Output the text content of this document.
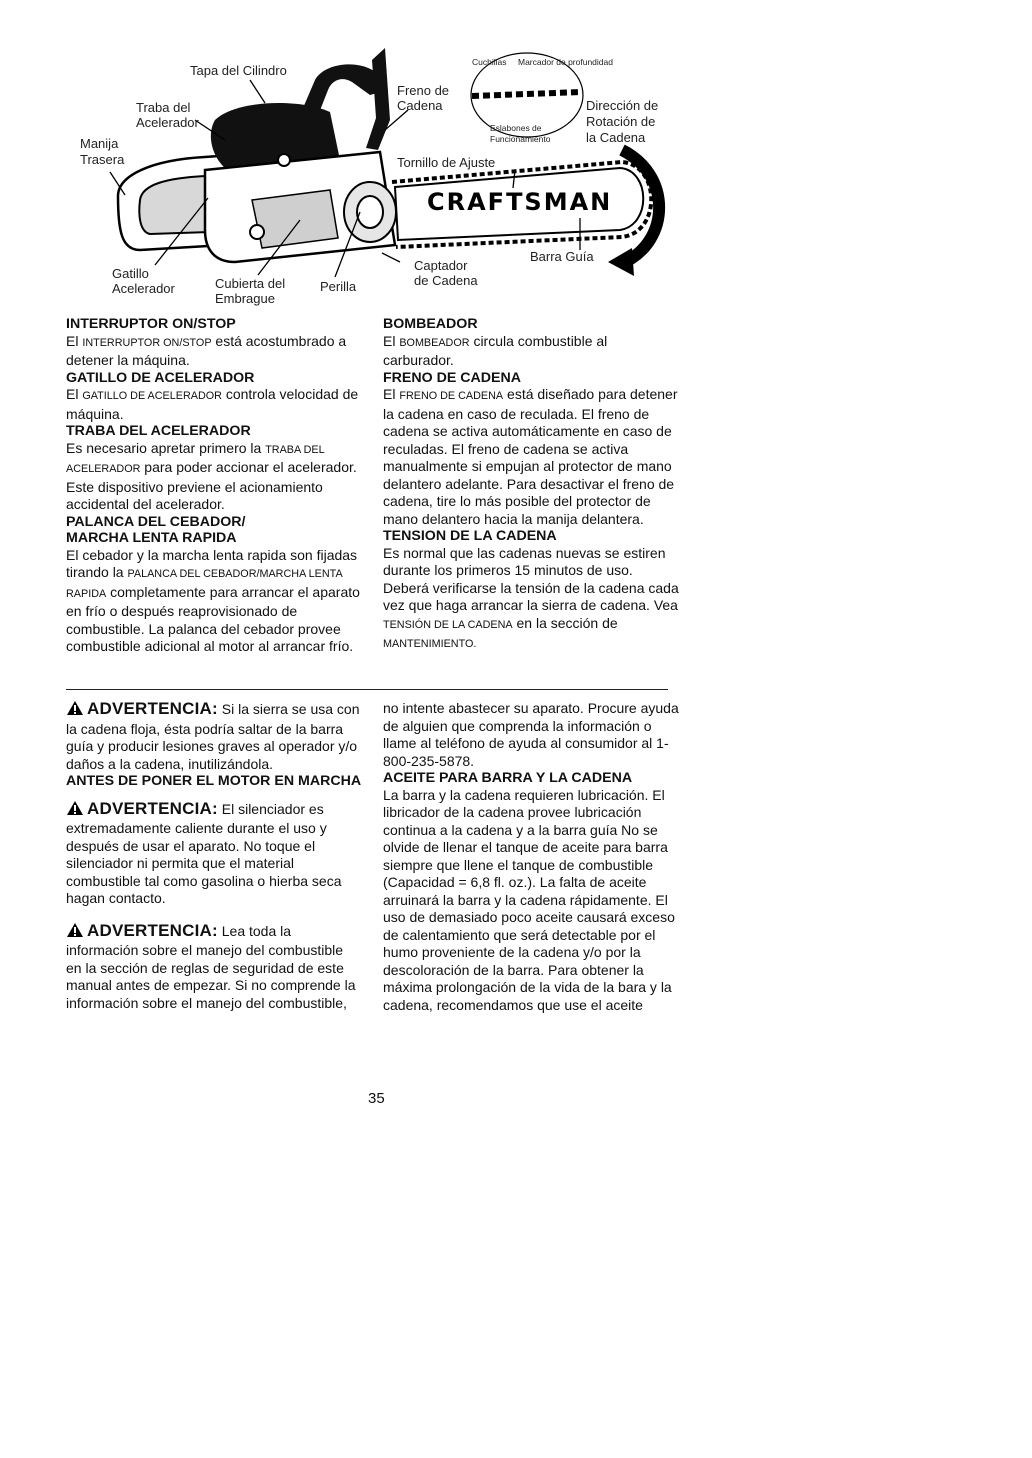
Tapa del Cilindro
Traba del
Acelerador
Manija
Trasera
Freno de
Cadena
Cuchillas Marcador de profundidad
Eslabones de
Funcionamiento
Dirección de
Rotación de
la Cadena
Tornillo de Ajuste
CRAFTSMAN
Gatillo
Acelerador	Cubierta del
Embrague
Perilla
Captador
de Cadena
Barra Guía

INTERRUPTOR ON/STOP

El INTERRUPTOR ON/STOP está acostumbrado a detener la máquina.

GATILLO DE ACELERADOR

El GATILLO DE ACELERADOR controla velocidad de máquina.

TRABA DEL ACELERADOR

Es necesario apretar primero la TRABA DEL ACELERADOR para poder accionar el acelerador. Este dispositivo previene el acionamiento accidental del acelerador.

PALANCA DEL CEBADOR/

MARCHA LENTA RAPIDA

El cebador y la marcha lenta rapida son fijadas tirando la PALANCA DEL CEBADOR/MARCHA LENTA RAPIDA completamente para arrancar el aparato en frío o después reaprovisionado de combustible. La palanca del cebador provee combustible adicional al motor al arrancar frío.

BOMBEADOR

El BOMBEADOR circula combustible al carburador.

FRENO DE CADENA

El FRENO DE CADENA está diseñado para detener la cadena en caso de reculada. El freno de cadena se activa automáticamente en caso de reculadas. El freno de cadena se activa manualmente si empujan al protector de mano delantero adelante. Para desactivar el freno de cadena, tire lo más posible del protector de mano delantero hacia la manija delantera.

TENSION DE LA CADENA

Es normal que las cadenas nuevas se estiren durante los primeros 15 minutos de uso. Deberá verificarse la tensión de la cadena cada vez que haga arrancar la sierra de cadena. Vea TENSIÓN DE LA CADENA en la sección de MANTENIMIENTO.

ADVERTENCIA: Si la sierra se usa con la cadena floja, ésta podría saltar de la barra guía y producir lesiones graves al operador y/o daños a la cadena, inutilizándola.

ANTES DE PONER EL MOTOR EN MARCHA

ADVERTENCIA: El silenciador es extremadamente caliente durante el uso y después de usar el aparato. No toque el silenciador ni permita que el material combustible tal como gasolina o hierba seca hagan contacto.

ADVERTENCIA: Lea toda la información sobre el manejo del combustible en la sección de reglas de seguridad de este manual antes de empezar. Si no comprende la información sobre el manejo del combustible,

no intente abastecer su aparato. Procure ayuda de alguien que comprenda la información o llame al teléfono de ayuda al consumidor al 1-800-235-5878.

ACEITE PARA BARRA Y LA CADENA

La barra y la cadena requieren lubricación. El libricador de la cadena provee lubricación continua a la cadena y a la barra guía No se olvide de llenar el tanque de aceite para barra siempre que llene el tanque de combustible (Capacidad = 6,8 fl. oz.). La falta de aceite arruinará la barra y la cadena rápidamente. El uso de demasiado poco aceite causará exceso de calentamiento que será detectable por el humo proveniente de la cadena y/o por la descoloración de la barra. Para obtener la máxima prolongación de la vida de la bara y la cadena, recomendamos que use el aceite

35
